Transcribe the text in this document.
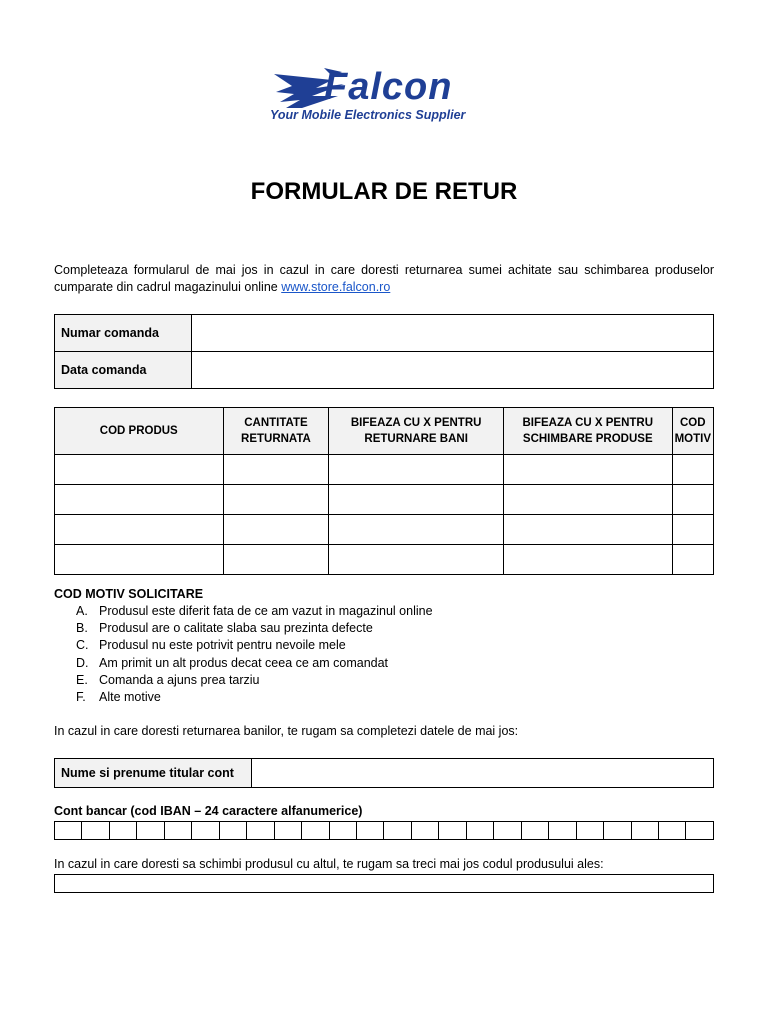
Falcon
Your Mobile Electronics Supplier
FORMULAR DE RETUR
Completeaza formularul de mai jos in cazul in care doresti returnarea sumei achitate sau schimbarea produselor cumparate din cadrul magazinului online www.store.falcon.ro
Numar comanda	
Data comanda	
COD PRODUS	CANTITATE RETURNATA	BIFEAZA CU X PENTRU RETURNARE BANI	BIFEAZA CU X PENTRU SCHIMBARE PRODUSE	COD MOTIV

COD MOTIV SOLICITARE
A. Produsul este diferit fata de ce am vazut in magazinul online
B. Produsul are o calitate slaba sau prezinta defecte
C. Produsul nu este potrivit pentru nevoile mele
D. Am primit un alt produs decat ceea ce am comandat
E. Comanda a ajuns prea tarziu
F. Alte motive
In cazul in care doresti returnarea banilor, te rugam sa completezi datele de mai jos:
Nume si prenume titular cont	
Cont bancar (cod IBAN – 24 caractere alfanumerice)

In cazul in care doresti sa schimbi produsul cu altul, te rugam sa treci mai jos codul produsului ales:
